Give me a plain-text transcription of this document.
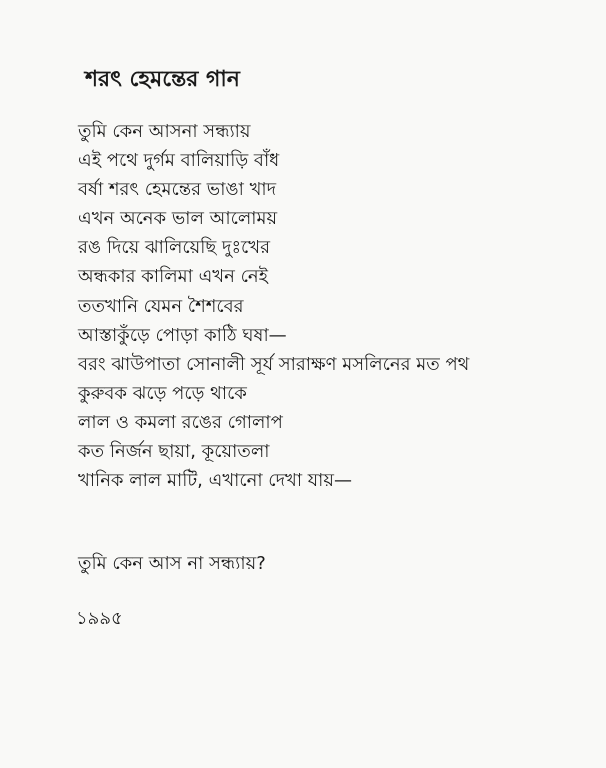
শরৎ হেমন্তের গান
তুমি কেন আসনা সন্ধ্যায়
এই পথে দুর্গম বালিয়াড়ি বাঁধ
বর্ষা শরৎ হেমন্তের ভাঙা খাদ
এখন অনেক ভাল আলোময়
রঙ দিয়ে ঝালিয়েছি দুঃখের
অন্ধকার কালিমা এখন নেই
ততখানি যেমন শৈশবের
আস্তাকুঁড়ে পোড়া কাঠি ঘষা—
বরং ঝাউপাতা সোনালী সূর্য সারাক্ষণ মসলিনের মত পথ
কুরুবক ঝড়ে পড়ে থাকে
লাল ও কমলা রঙের গোলাপ
কত নির্জন ছায়া, কূয়োতলা
খানিক লাল মাটি, এখানো দেখা যায়—

তুমি কেন আস না সন্ধ্যায়?

১৯৯৫
